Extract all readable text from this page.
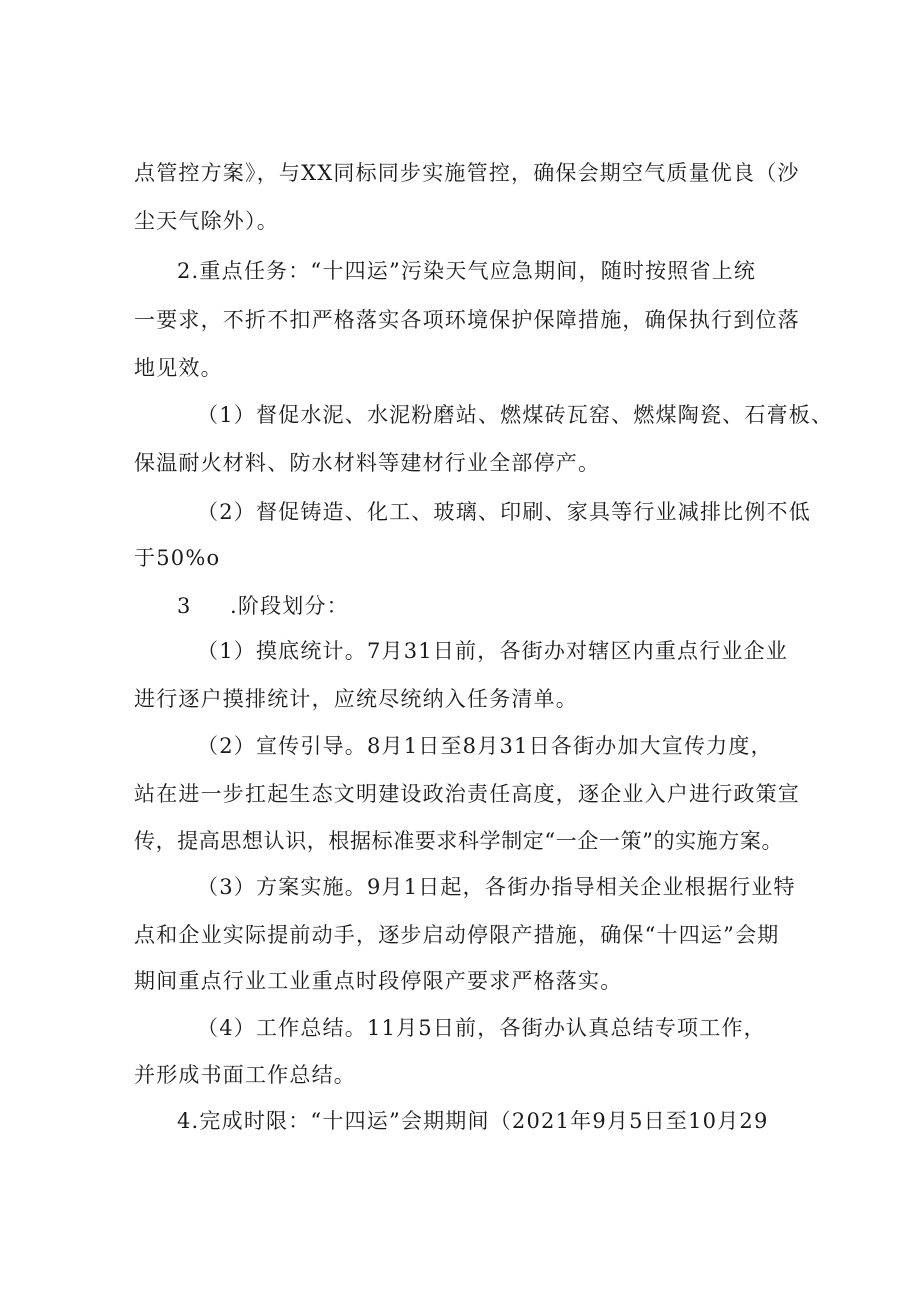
点管控方案》，与XX同标同步实施管控，确保会期空气质量优良（沙
尘天气除外）。
2.重点任务：“十四运”污染天气应急期间，随时按照省上统
一要求，不折不扣严格落实各项环境保护保障措施，确保执行到位落
地见效。
（1）督促水泥、水泥粉磨站、燃煤砖瓦窑、燃煤陶瓷、石膏板、
保温耐火材料、防水材料等建材行业全部停产。
（2）督促铸造、化工、玻璃、印刷、家具等行业减排比例不低
于50%o
3 .阶段划分：
（1）摸底统计。7月31日前，各街办对辖区内重点行业企业
进行逐户摸排统计，应统尽统纳入任务清单。
（2）宣传引导。8月1日至8月31日各街办加大宣传力度，
站在进一步扛起生态文明建设政治责任高度，逐企业入户进行政策宣
传，提高思想认识，根据标准要求科学制定“一企一策”的实施方案。
（3）方案实施。9月1日起，各街办指导相关企业根据行业特
点和企业实际提前动手，逐步启动停限产措施，确保“十四运”会期
期间重点行业工业重点时段停限产要求严格落实。
（4）工作总结。11月5日前，各街办认真总结专项工作，
并形成书面工作总结。
4.完成时限：“十四运”会期期间（2021年9月5日至10月29
